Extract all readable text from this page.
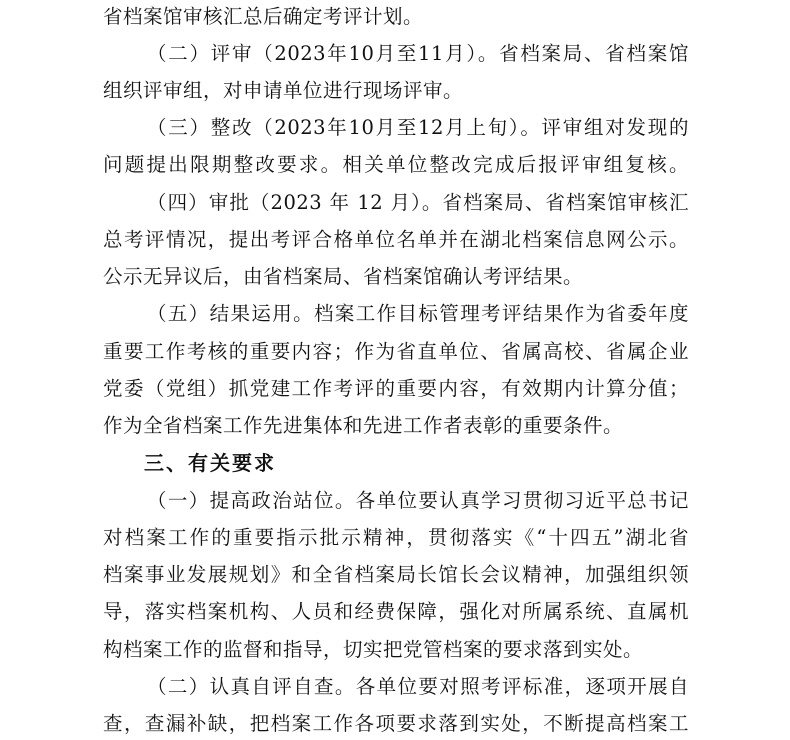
省档案馆审核汇总后确定考评计划。
（二）评审（2023年10月至11月）。省档案局、省档案馆
组织评审组，对申请单位进行现场评审。
（三）整改（2023年10月至12月上旬）。评审组对发现的
问题提出限期整改要求。相关单位整改完成后报评审组复核。
（四）审批（2023 年 12 月）。省档案局、省档案馆审核汇
总考评情况，提出考评合格单位名单并在湖北档案信息网公示。
公示无异议后，由省档案局、省档案馆确认考评结果。
（五）结果运用。档案工作目标管理考评结果作为省委年度
重要工作考核的重要内容；作为省直单位、省属高校、省属企业
党委（党组）抓党建工作考评的重要内容，有效期内计算分值；
作为全省档案工作先进集体和先进工作者表彰的重要条件。
三、有关要求
（一）提高政治站位。各单位要认真学习贯彻习近平总书记
对档案工作的重要指示批示精神，贯彻落实《“十四五”湖北省
档案事业发展规划》和全省档案局长馆长会议精神，加强组织领
导，落实档案机构、人员和经费保障，强化对所属系统、直属机
构档案工作的监督和指导，切实把党管档案的要求落到实处。
（二）认真自评自查。各单位要对照考评标准，逐项开展自
查，查漏补缺，把档案工作各项要求落到实处，不断提高档案工
